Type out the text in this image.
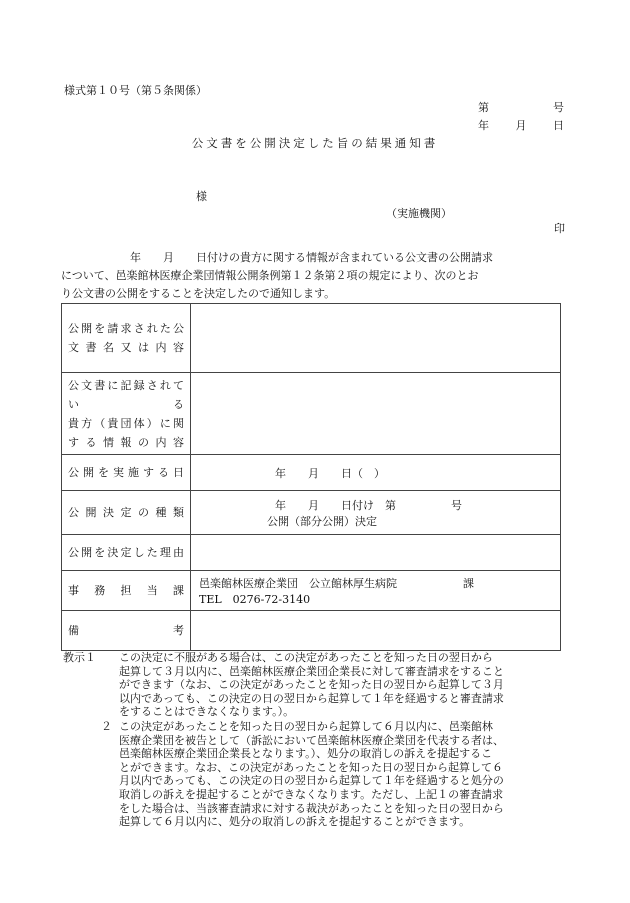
様式第１０号（第５条関係）
第	号
年 月 日
公文書を公開決定した旨の結果通知書
様
（実施機関）
印
年　　月　　日付けの貴方に関する情報が含まれている公文書の公開請求
について、邑楽館林医療企業団情報公開条例第１２条第２項の規定により、次のとお
り公文書の公開をすることを決定したので通知します。
公開を請求された公
文書名又は内容	

公文書に記録されて
い る
貴方（貴団体）に関
する情報の内容	

公開を実施する日	年　　月　　日（　）

公開決定の種類	年　　月　　日付け　第　　　　　号
公開（部分公開）決定

公開を決定した理由	

事務担当課	邑楽館林医療企業団　公立館林厚生病院　　　　　　課
TEL　0276-72-3140

備考	

教示１	この決定に不服がある場合は、この決定があったことを知った日の翌日から
起算して３月以内に、邑楽館林医療企業団企業長に対して審査請求をすること
ができます（なお、この決定があったことを知った日の翌日から起算して３月
以内であっても、この決定の日の翌日から起算して１年を経過すると審査請求
をすることはできなくなります。）。
２ この決定があったことを知った日の翌日から起算して６月以内に、邑楽館林
医療企業団を被告として（訴訟において邑楽館林医療企業団を代表する者は、
邑楽館林医療企業団企業長となります。）、処分の取消しの訴えを提起するこ
とができます。なお、この決定があったことを知った日の翌日から起算して６
月以内であっても、この決定の日の翌日から起算して１年を経過すると処分の
取消しの訴えを提起することができなくなります。ただし、上記１の審査請求
をした場合は、当該審査請求に対する裁決があったことを知った日の翌日から
起算して６月以内に、処分の取消しの訴えを提起することができます。
